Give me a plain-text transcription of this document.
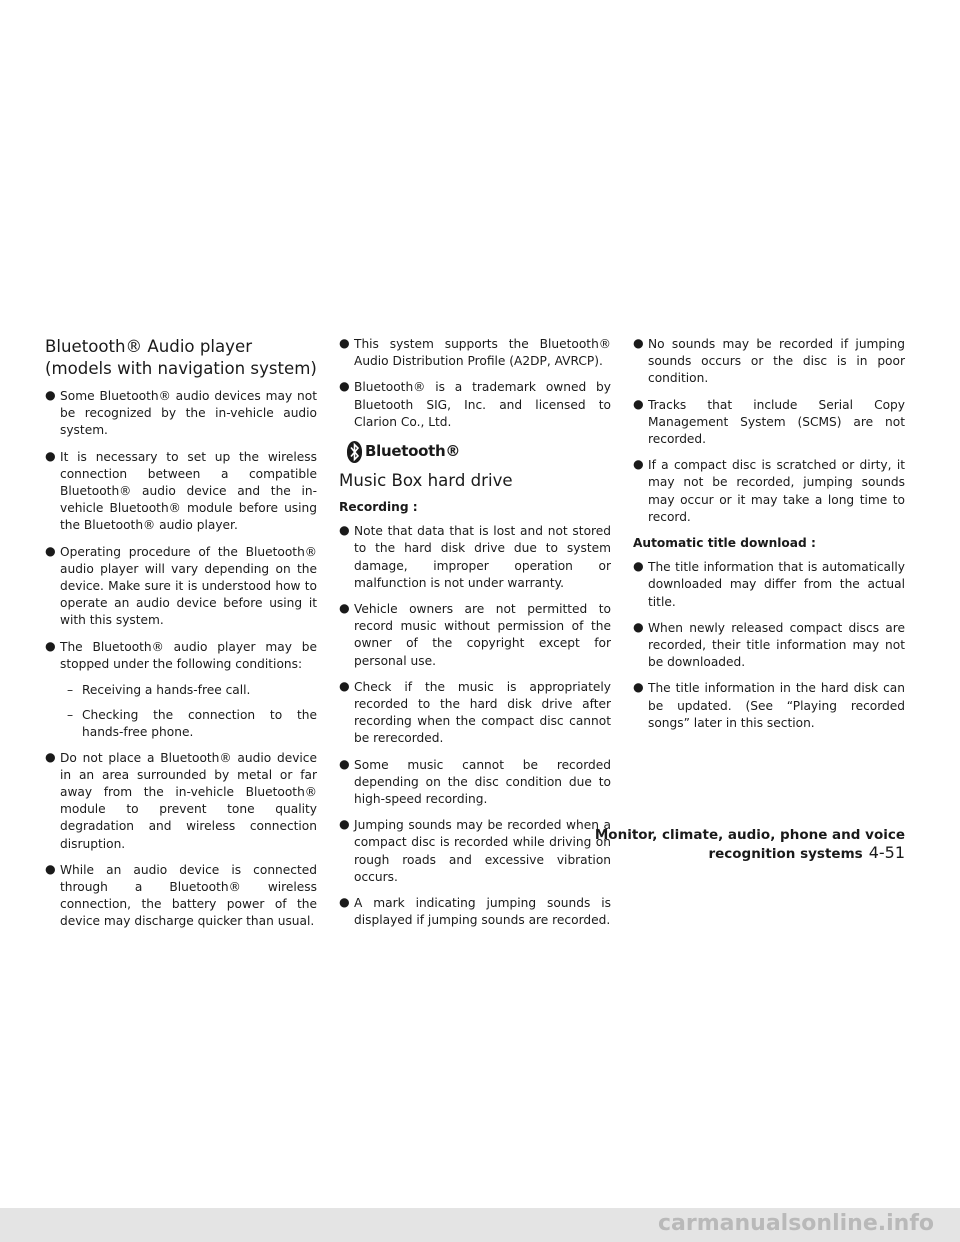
Bluetooth® Audio player (models with navigation system)
● Some Bluetooth® audio devices may not be recognized by the in-vehicle audio system.
● It is necessary to set up the wireless connection between a compatible Bluetooth® audio device and the in-vehicle Bluetooth® module before using the Bluetooth® audio player.
● Operating procedure of the Bluetooth® audio player will vary depending on the device. Make sure it is understood how to operate an audio device before using it with this system.
● The Bluetooth® audio player may be stopped under the following conditions:
– Receiving a hands-free call.
– Checking the connection to the hands-free phone.
● Do not place a Bluetooth® audio device in an area surrounded by metal or far away from the in-vehicle Bluetooth® module to prevent tone quality degradation and wireless connection disruption.
● While an audio device is connected through a Bluetooth® wireless connection, the battery power of the device may discharge quicker than usual.
● This system supports the Bluetooth® Audio Distribution Profile (A2DP, AVRCP).
● Bluetooth® is a trademark owned by Bluetooth SIG, Inc. and licensed to Clarion Co., Ltd.
Bluetooth®
Music Box hard drive
Recording :
● Note that data that is lost and not stored to the hard disk drive due to system damage, improper operation or malfunction is not under warranty.
● Vehicle owners are not permitted to record music without permission of the owner of the copyright except for personal use.
● Check if the music is appropriately recorded to the hard disk drive after recording when the compact disc cannot be rerecorded.
● Some music cannot be recorded depending on the disc condition due to high-speed recording.
● Jumping sounds may be recorded when a compact disc is recorded while driving on rough roads and excessive vibration occurs.
● A mark indicating jumping sounds is displayed if jumping sounds are recorded.
● No sounds may be recorded if jumping sounds occurs or the disc is in poor condition.
● Tracks that include Serial Copy Management System (SCMS) are not recorded.
● If a compact disc is scratched or dirty, it may not be recorded, jumping sounds may occur or it may take a long time to record.
Automatic title download :
● The title information that is automatically downloaded may differ from the actual title.
● When newly released compact discs are recorded, their title information may not be downloaded.
● The title information in the hard disk can be updated. (See “Playing recorded songs” later in this section.
Monitor, climate, audio, phone and voice recognition systems 4-51
carmanualsonline.info
